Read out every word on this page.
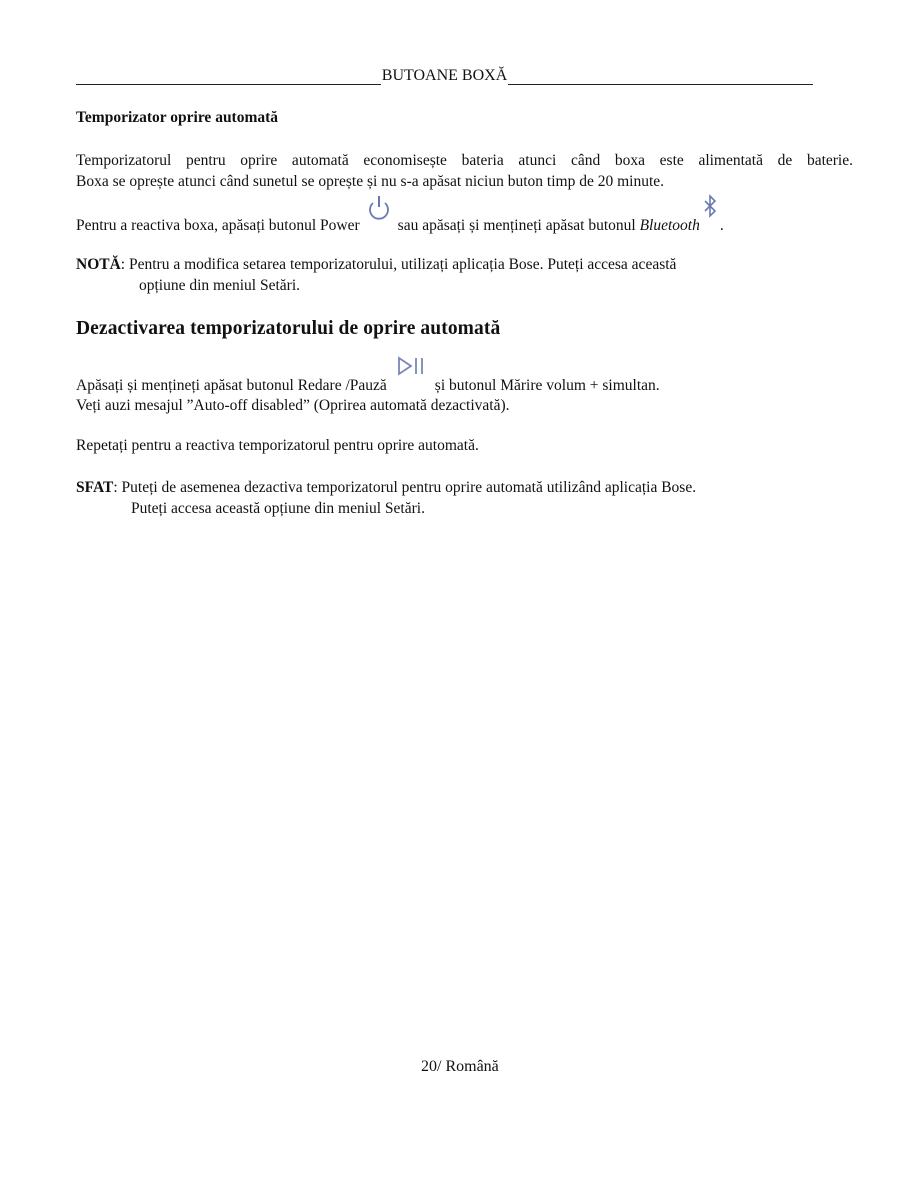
BUTOANE BOXĂ
Temporizator oprire automată
Temporizatorul pentru oprire automată economisește bateria atunci când boxa este alimentată de baterie.
Boxa se oprește atunci când sunetul se oprește și nu s-a apăsat niciun buton timp de 20 minute.
Pentru a reactiva boxa, apăsați butonul Power sau apăsați și mențineți apăsat butonul
Bluetooth .
NOTĂ: Pentru a modifica setarea temporizatorului, utilizați aplicația Bose. Puteți accesa această
opțiune din meniul Setări.
Dezactivarea temporizatorului de oprire automată
Apăsați și mențineți apăsat butonul Redare /Pauză	și butonul Mărire volum + simultan.
Veți auzi mesajul ”Auto-off disabled” (Oprirea automată dezactivată).
Repetați pentru a reactiva temporizatorul pentru oprire automată.
SFAT: Puteți de asemenea dezactiva temporizatorul pentru oprire automată utilizând aplicația Bose.
Puteți accesa această opțiune din meniul Setări.
20/ Română
